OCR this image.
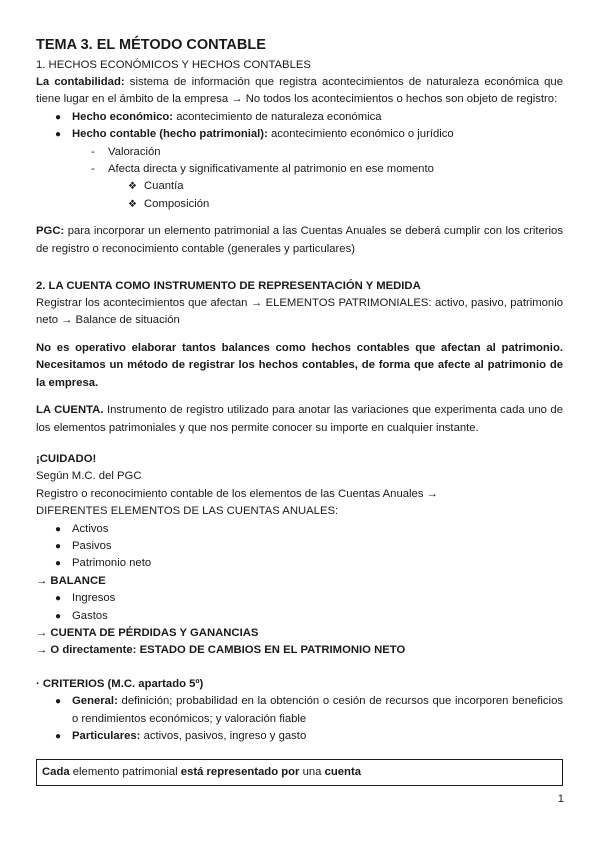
TEMA 3. EL MÉTODO CONTABLE
1. HECHOS ECONÓMICOS Y HECHOS CONTABLES

La contabilidad: sistema de información que registra acontecimientos de naturaleza económica que tiene lugar en el ámbito de la empresa → No todos los acontecimientos o hechos son objeto de registro:

● Hecho económico: acontecimiento de naturaleza económica
● Hecho contable (hecho patrimonial): acontecimiento económico o jurídico
- Valoración
- Afecta directa y significativamente al patrimonio en ese momento
❖ Cuantía
❖ Composición

PGC: para incorporar un elemento patrimonial a las Cuentas Anuales se deberá cumplir con los criterios de registro o reconocimiento contable (generales y particulares)

2. LA CUENTA COMO INSTRUMENTO DE REPRESENTACIÓN Y MEDIDA

Registrar los acontecimientos que afectan → ELEMENTOS PATRIMONIALES: activo, pasivo, patrimonio neto → Balance de situación

No es operativo elaborar tantos balances como hechos contables que afectan al patrimonio. Necesitamos un método de registrar los hechos contables, de forma que afecte al patrimonio de la empresa.

LA CUENTA. Instrumento de registro utilizado para anotar las variaciones que experimenta cada uno de los elementos patrimoniales y que nos permite conocer su importe en cualquier instante.

¡CUIDADO!

Según M.C. del PGC

Registro o reconocimiento contable de los elementos de las Cuentas Anuales →

DIFERENTES ELEMENTOS DE LAS CUENTAS ANUALES:

● Activos
● Pasivos
● Patrimonio neto

→ BALANCE

● Ingresos
● Gastos

→ CUENTA DE PÉRDIDAS Y GANANCIAS

→ O directamente: ESTADO DE CAMBIOS EN EL PATRIMONIO NETO

· CRITERIOS (M.C. apartado 5º)

● General: definición; probabilidad en la obtención o cesión de recursos que incorporen beneficios o rendimientos económicos; y valoración fiable
● Particulares: activos, pasivos, ingreso y gasto
Cada elemento patrimonial está representado por una cuenta
1
